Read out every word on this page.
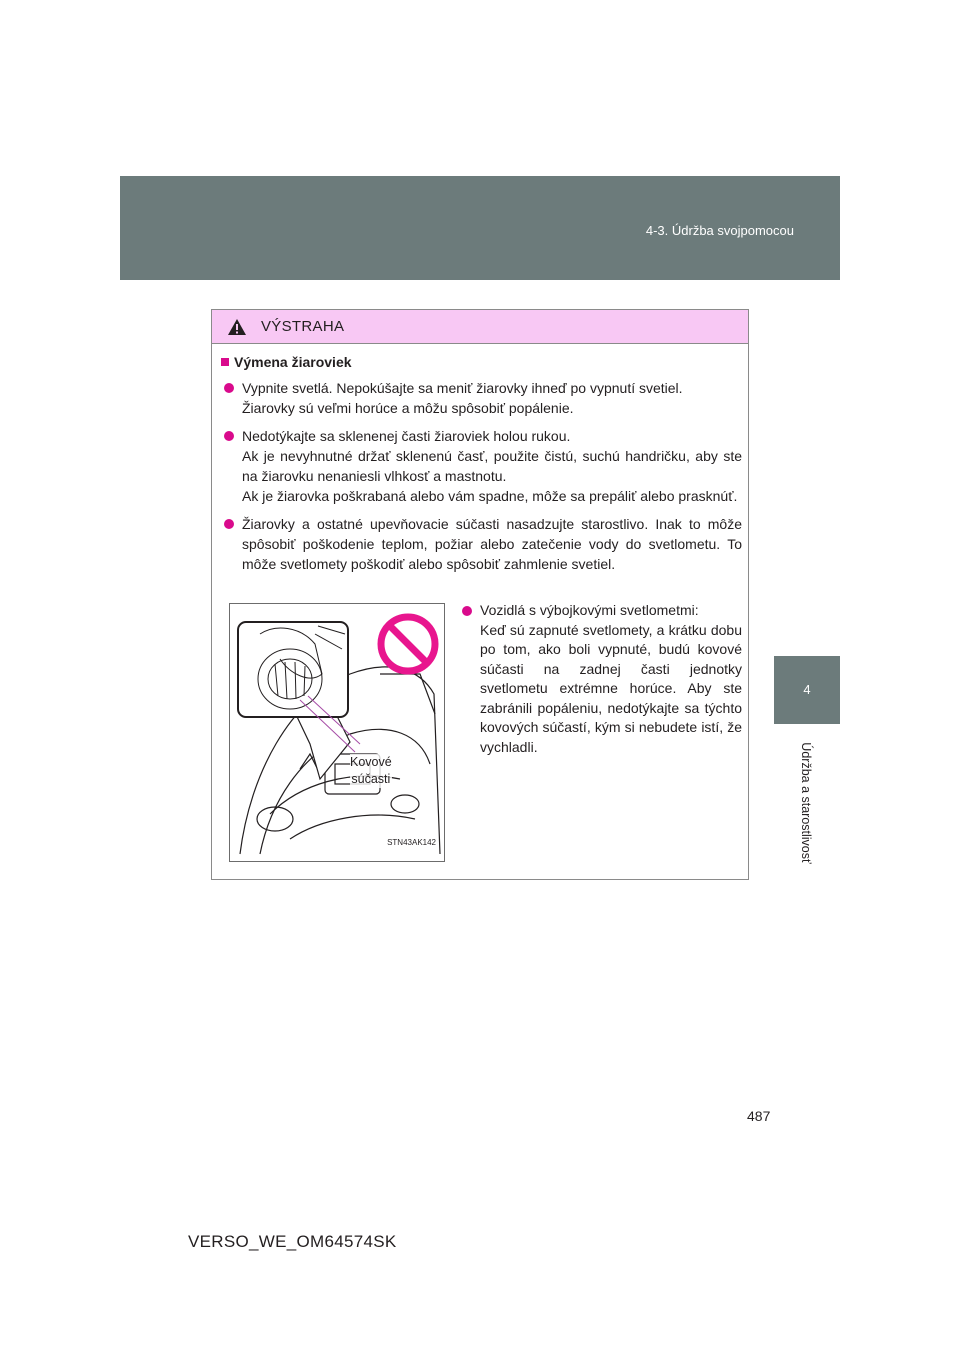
4-3. Údržba svojpomocou
4
Údržba a starostlivosť
VÝSTRAHA
Výmena žiaroviek

Vypnite svetlá. Nepokúšajte sa meniť žiarovky ihneď po vypnutí svetiel.

Žiarovky sú veľmi horúce a môžu spôsobiť popálenie.

Nedotýkajte sa sklenenej časti žiaroviek holou rukou.

Ak je nevyhnutné držať sklenenú časť, použite čistú, suchú handričku, aby ste na žiarovku nenaniesli vlhkosť a mastnotu.

Ak je žiarovka poškrabaná alebo vám spadne, môže sa prepáliť alebo prasknúť.

Žiarovky a ostatné upevňovacie súčasti nasadzujte starostlivo. Inak to môže spôsobiť poškodenie teplom, požiar alebo zatečenie vody do svetlometu. To môže svetlomety poškodiť alebo spôsobiť zahmlenie svetiel.

Kovové
súčasti
STN43AK142

Vozidlá s výbojkovými svetlometmi:

Keď sú zapnuté svetlomety, a krátku dobu po tom, ako boli vypnuté, budú kovové súčasti na zadnej časti jednotky svetlometu extrémne horúce. Aby ste zabránili popáleniu, nedotýkajte sa týchto kovových súčastí, kým si nebudete istí, že vychladli.

487
VERSO_WE_OM64574SK
